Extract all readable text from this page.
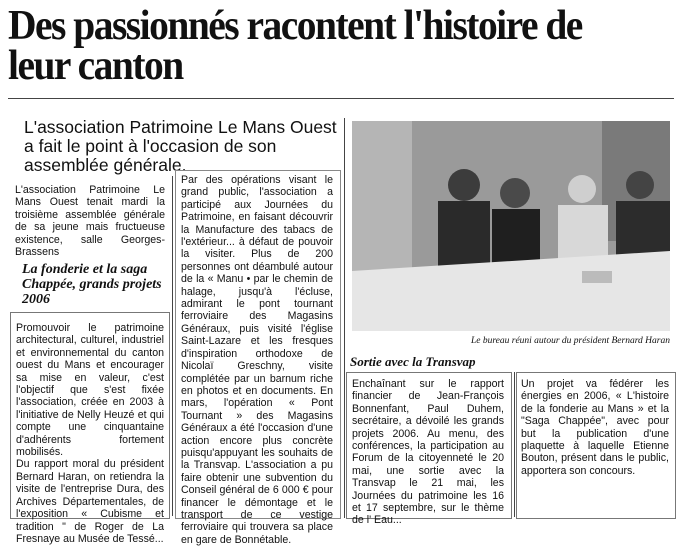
Des passionnés racontent l'histoire de leur canton
L'association Patrimoine Le Mans Ouest a fait le point à l'occasion de son assemblée générale.
L'association Patrimoine Le Mans Ouest tenait mardi la troisième assemblée générale de sa jeune mais fructueuse existence, salle Georges-Brassens
La fonderie et la saga Chappée, grands projets 2006
Promouvoir le patrimoine architectural, culturel, industriel et environnemental du canton ouest du Mans et encourager sa mise en valeur, c'est l'objectif que s'est fixée l'association, créée en 2003 à l'initiative de Nelly Heuzé et qui compte une cinquantaine d'adhérents fortement mobilisés.
Du rapport moral du président Bernard Haran, on retiendra la visite de l'entreprise Dura, des Archives Départementales, de l'exposition « Cubisme et tradition " de Roger de La Fresnaye au Musée de Tessé...
Par des opérations visant le grand public, l'association a participé aux Journées du Patrimoine, en faisant découvrir la Manufacture des tabacs de l'extérieur... à défaut de pouvoir la visiter. Plus de 200 personnes ont déambulé autour de la « Manu • par le chemin de halage, jusqu'à l'écluse, admirant le pont tournant ferroviaire des Magasins Généraux, puis visité l'église Saint-Lazare et les fresques d'inspiration orthodoxe de Nicolaï Greschny, visite complétée par un barnum riche en photos et en documents. En mars, l'opération « Pont Tournant » des Magasins Généraux a été l'occasion d'une action encore plus concrète puisqu'appuyant les souhaits de la Transvap. L'association a pu faire obtenir une subvention du Conseil général de 6 000 € pour financer le démontage et le transport de ce vestige ferroviaire qui trouvera sa place en gare de Bonnétable.
Le bureau réuni autour du président Bernard Haran
Sortie avec la Transvap
Enchaînant sur le rapport financier de Jean-François Bonnenfant, Paul Duhem, secrétaire, a dévoilé les grands projets 2006. Au menu, des conférences, la participation au Forum de la citoyenneté le 20 mai, une sortie avec la Transvap le 21 mai, les Journées du patrimoine les 16 et 17 septembre, sur le thème de l' Eau...
Un projet va fédérer les énergies en 2006, « L'histoire de la fonderie au Mans » et la "Saga Chappée", avec pour but la publication d'une plaquette à laquelle Etienne Bouton, présent dans le public, apportera son concours.
